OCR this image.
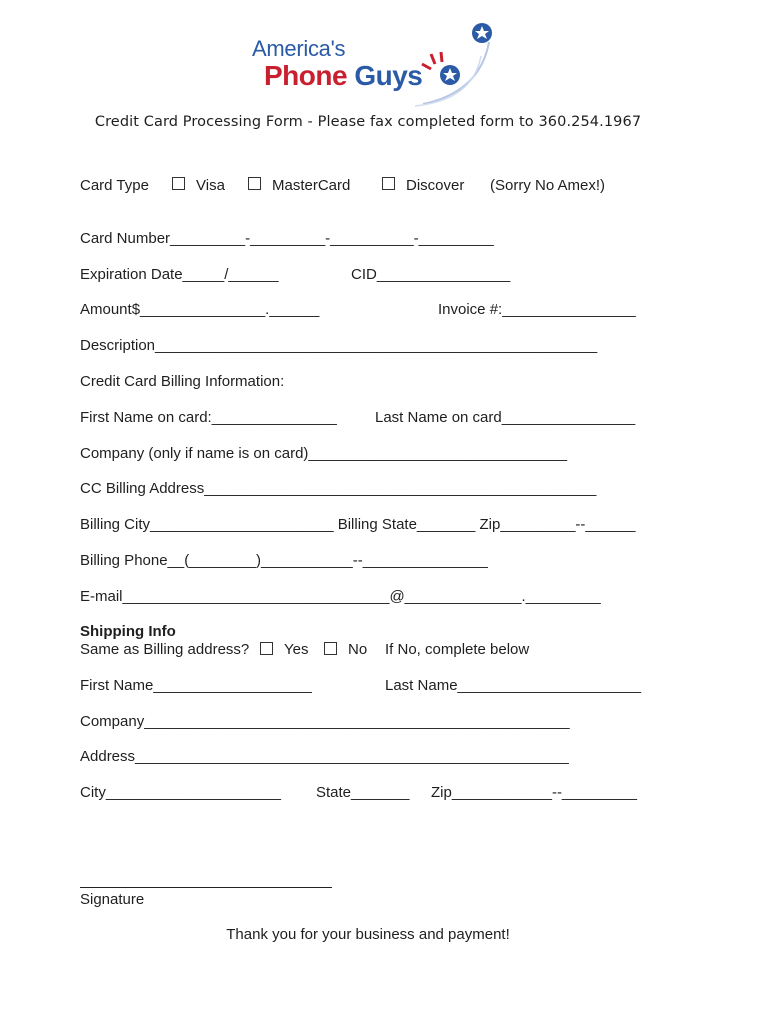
America's
Phone Guys
Credit Card Processing Form - Please fax completed form to 360.254.1967
Card Type	Visa	MasterCard	Discover (Sorry No Amex!)
Card Number_________-_________-__________-_________
Expiration Date_____/______	CID________________
Amount$_______________.______	Invoice #:________________
Description_____________________________________________________
Credit Card Billing Information:
First Name on card:_______________	Last Name on card________________
Company (only if name is on card)_______________________________
CC Billing Address_______________________________________________
Billing City______________________ Billing State_______ Zip_________--______
Billing Phone__(________)___________--_______________
E-mail________________________________@______________._________
Shipping Info
Same as Billing address? Yes	No If No, complete below
First Name___________________	Last Name______________________
Company___________________________________________________
Address____________________________________________________
City_____________________ State_______ Zip____________--_________
Signature
Thank you for your business and payment!
